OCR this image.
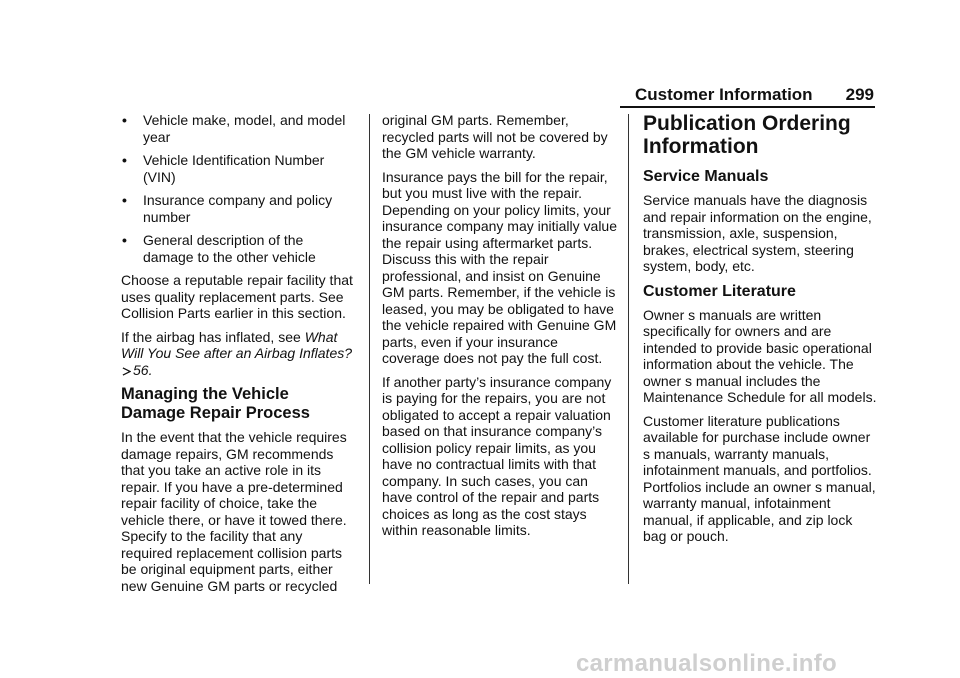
Customer Information 299
• Vehicle make, model, and model year
• Vehicle Identification Number (VIN)
• Insurance company and policy number
• General description of the damage to the other vehicle

Choose a reputable repair facility that uses quality replacement parts. See Collision Parts earlier in this section.

If the airbag has inflated, see What Will You See after an Airbag Inflates? 56.

Managing the Vehicle Damage Repair Process

In the event that the vehicle requires damage repairs, GM recommends that you take an active role in its repair. If you have a pre-determined repair facility of choice, take the vehicle there, or have it towed there. Specify to the facility that any required replacement collision parts be original equipment parts, either new Genuine GM parts or recycled

original GM parts. Remember, recycled parts will not be covered by the GM vehicle warranty.

Insurance pays the bill for the repair, but you must live with the repair. Depending on your policy limits, your insurance company may initially value the repair using aftermarket parts. Discuss this with the repair professional, and insist on Genuine GM parts. Remember, if the vehicle is leased, you may be obligated to have the vehicle repaired with Genuine GM parts, even if your insurance coverage does not pay the full cost.

If another party’s insurance company is paying for the repairs, you are not obligated to accept a repair valuation based on that insurance company’s collision policy repair limits, as you have no contractual limits with that company. In such cases, you can have control of the repair and parts choices as long as the cost stays within reasonable limits.

Publication Ordering Information
Service Manuals

Service manuals have the diagnosis and repair information on the engine, transmission, axle, suspension, brakes, electrical system, steering system, body, etc.

Customer Literature

Owner s manuals are written specifically for owners and are intended to provide basic operational information about the vehicle. The owner s manual includes the Maintenance Schedule for all models.

Customer literature publications available for purchase include owner s manuals, warranty manuals, infotainment manuals, and portfolios. Portfolios include an owner s manual, warranty manual, infotainment manual, if applicable, and zip lock bag or pouch.

carmanualsonline.info
